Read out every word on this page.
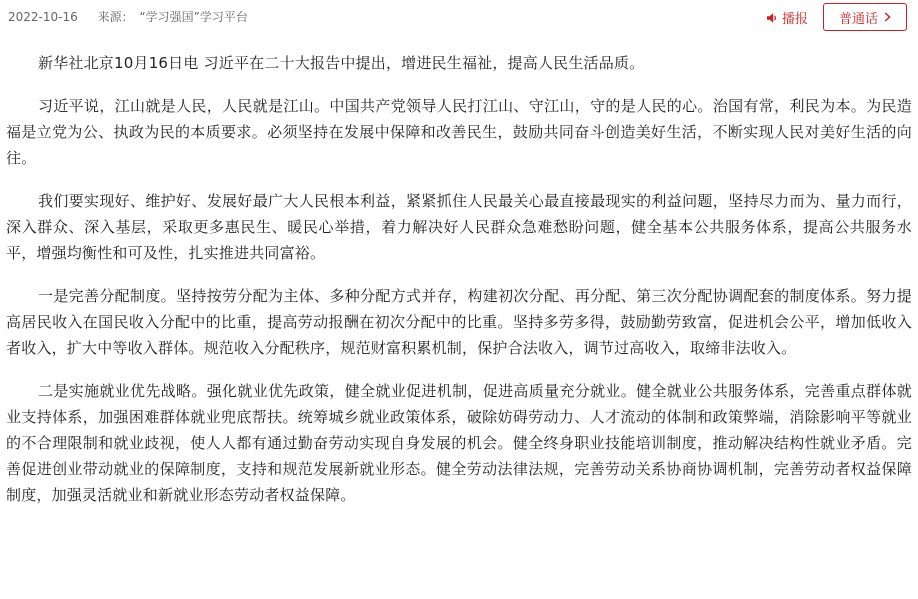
2022-10-16 来源： “学习强国”学习平台	播报 普通话

新华社北京10月16日电 习近平在二十大报告中提出，增进民生福祉，提高人民生活品质。

习近平说，江山就是人民，人民就是江山。中国共产党领导人民打江山、守江山，守的是人民的心。治国有常，利民为本。为民造福是立党为公、执政为民的本质要求。必须坚持在发展中保障和改善民生，鼓励共同奋斗创造美好生活，不断实现人民对美好生活的向往。

我们要实现好、维护好、发展好最广大人民根本利益，紧紧抓住人民最关心最直接最现实的利益问题，坚持尽力而为、量力而行，深入群众、深入基层，采取更多惠民生、暖民心举措，着力解决好人民群众急难愁盼问题，健全基本公共服务体系，提高公共服务水平，增强均衡性和可及性，扎实推进共同富裕。

一是完善分配制度。坚持按劳分配为主体、多种分配方式并存，构建初次分配、再分配、第三次分配协调配套的制度体系。努力提高居民收入在国民收入分配中的比重，提高劳动报酬在初次分配中的比重。坚持多劳多得，鼓励勤劳致富，促进机会公平，增加低收入者收入，扩大中等收入群体。规范收入分配秩序，规范财富积累机制，保护合法收入，调节过高收入，取缔非法收入。

二是实施就业优先战略。强化就业优先政策，健全就业促进机制，促进高质量充分就业。健全就业公共服务体系，完善重点群体就业支持体系，加强困难群体就业兜底帮扶。统筹城乡就业政策体系，破除妨碍劳动力、人才流动的体制和政策弊端，消除影响平等就业的不合理限制和就业歧视，使人人都有通过勤奋劳动实现自身发展的机会。健全终身职业技能培训制度，推动解决结构性就业矛盾。完善促进创业带动就业的保障制度，支持和规范发展新就业形态。健全劳动法律法规，完善劳动关系协商协调机制，完善劳动者权益保障制度，加强灵活就业和新就业形态劳动者权益保障。
